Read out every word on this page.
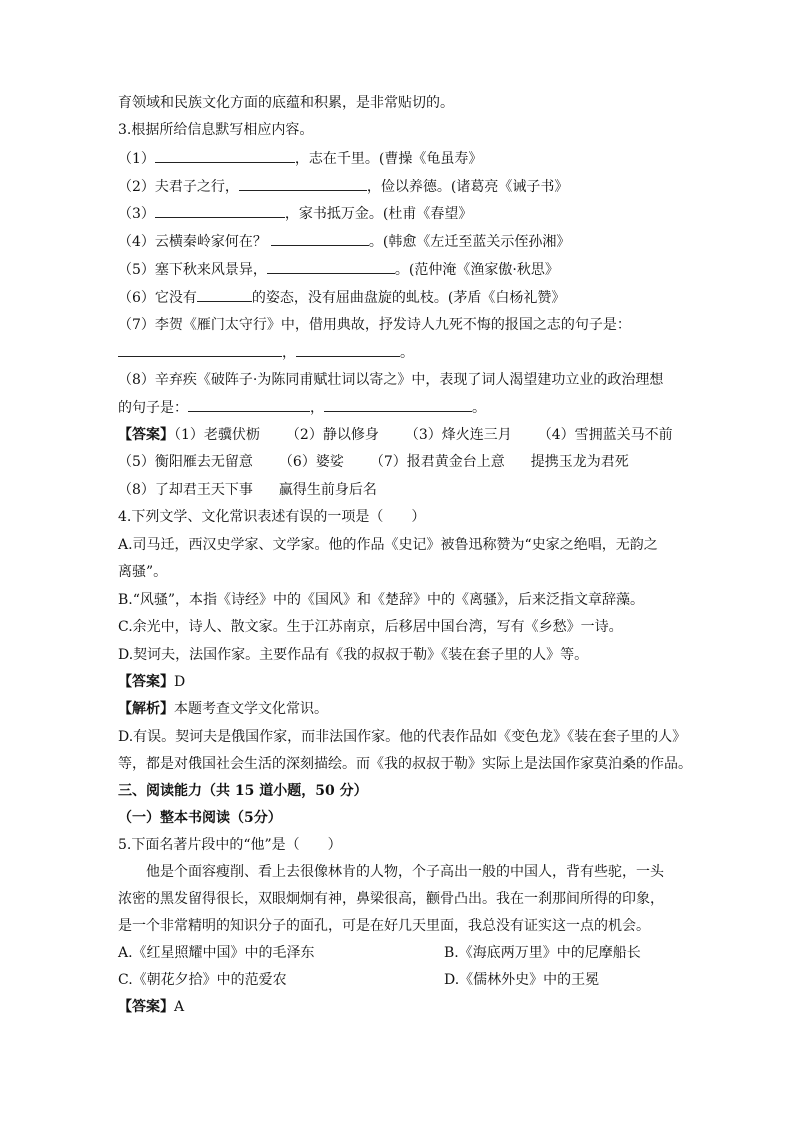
育领域和民族文化方面的底蕴和积累，是非常贴切的。
3.根据所给信息默写相应内容。
（1）	，志在千里。(曹操《龟虽寿》
（2）夫君子之行，	，俭以养德。(诸葛亮《诫子书》
（3）	，家书抵万金。(杜甫《春望》
（4）云横秦岭家何在？	。(韩愈《左迁至蓝关示侄孙湘》
（5）塞下秋来风景异，	。(范仲淹《渔家傲·秋思》
（6）它没有	的姿态，没有屈曲盘旋的虬枝。(茅盾《白杨礼赞》
（7）李贺《雁门太守行》中，借用典故，抒发诗人九死不悔的报国之志的句子是：
，	。
（8）辛弃疾《破阵子·为陈同甫赋壮词以寄之》中，表现了词人渴望建功立业的政治理想
的句子是：	，	。
【答案】（1）老骥伏枥 （2）静以修身 （3）烽火连三月 （4）雪拥蓝关马不前
（5）衡阳雁去无留意 （6）婆娑 （7）报君黄金台上意 提携玉龙为君死
（8）了却君王天下事 赢得生前身后名
4.下列文学、文化常识表述有误的一项是（　　）
A.司马迁，西汉史学家、文学家。他的作品《史记》被鲁迅称赞为“史家之绝唱，无韵之
离骚”。
B.“风骚”，本指《诗经》中的《国风》和《楚辞》中的《离骚》，后来泛指文章辞藻。
C.余光中，诗人、散文家。生于江苏南京，后移居中国台湾，写有《乡愁》一诗。
D.契诃夫，法国作家。主要作品有《我的叔叔于勒》《装在套子里的人》等。
【答案】D
【解析】本题考查文学文化常识。
D.有误。契诃夫是俄国作家，而非法国作家。他的代表作品如《变色龙》《装在套子里的人》
等，都是对俄国社会生活的深刻描绘。而《我的叔叔于勒》实际上是法国作家莫泊桑的作品。
三、阅读能力（共 15 道小题，50 分）
（一）整本书阅读（5分）
5.下面名著片段中的“他”是（　　）
他是个面容瘦削、看上去很像林肯的人物，个子高出一般的中国人，背有些驼，一头
浓密的黑发留得很长，双眼炯炯有神，鼻梁很高，颧骨凸出。我在一刹那间所得的印象，
是一个非常精明的知识分子的面孔，可是在好几天里面，我总没有证实这一点的机会。
A.《红星照耀中国》中的毛泽东	B.《海底两万里》中的尼摩船长
C.《朝花夕拾》中的范爱农	D.《儒林外史》中的王冕
【答案】A
